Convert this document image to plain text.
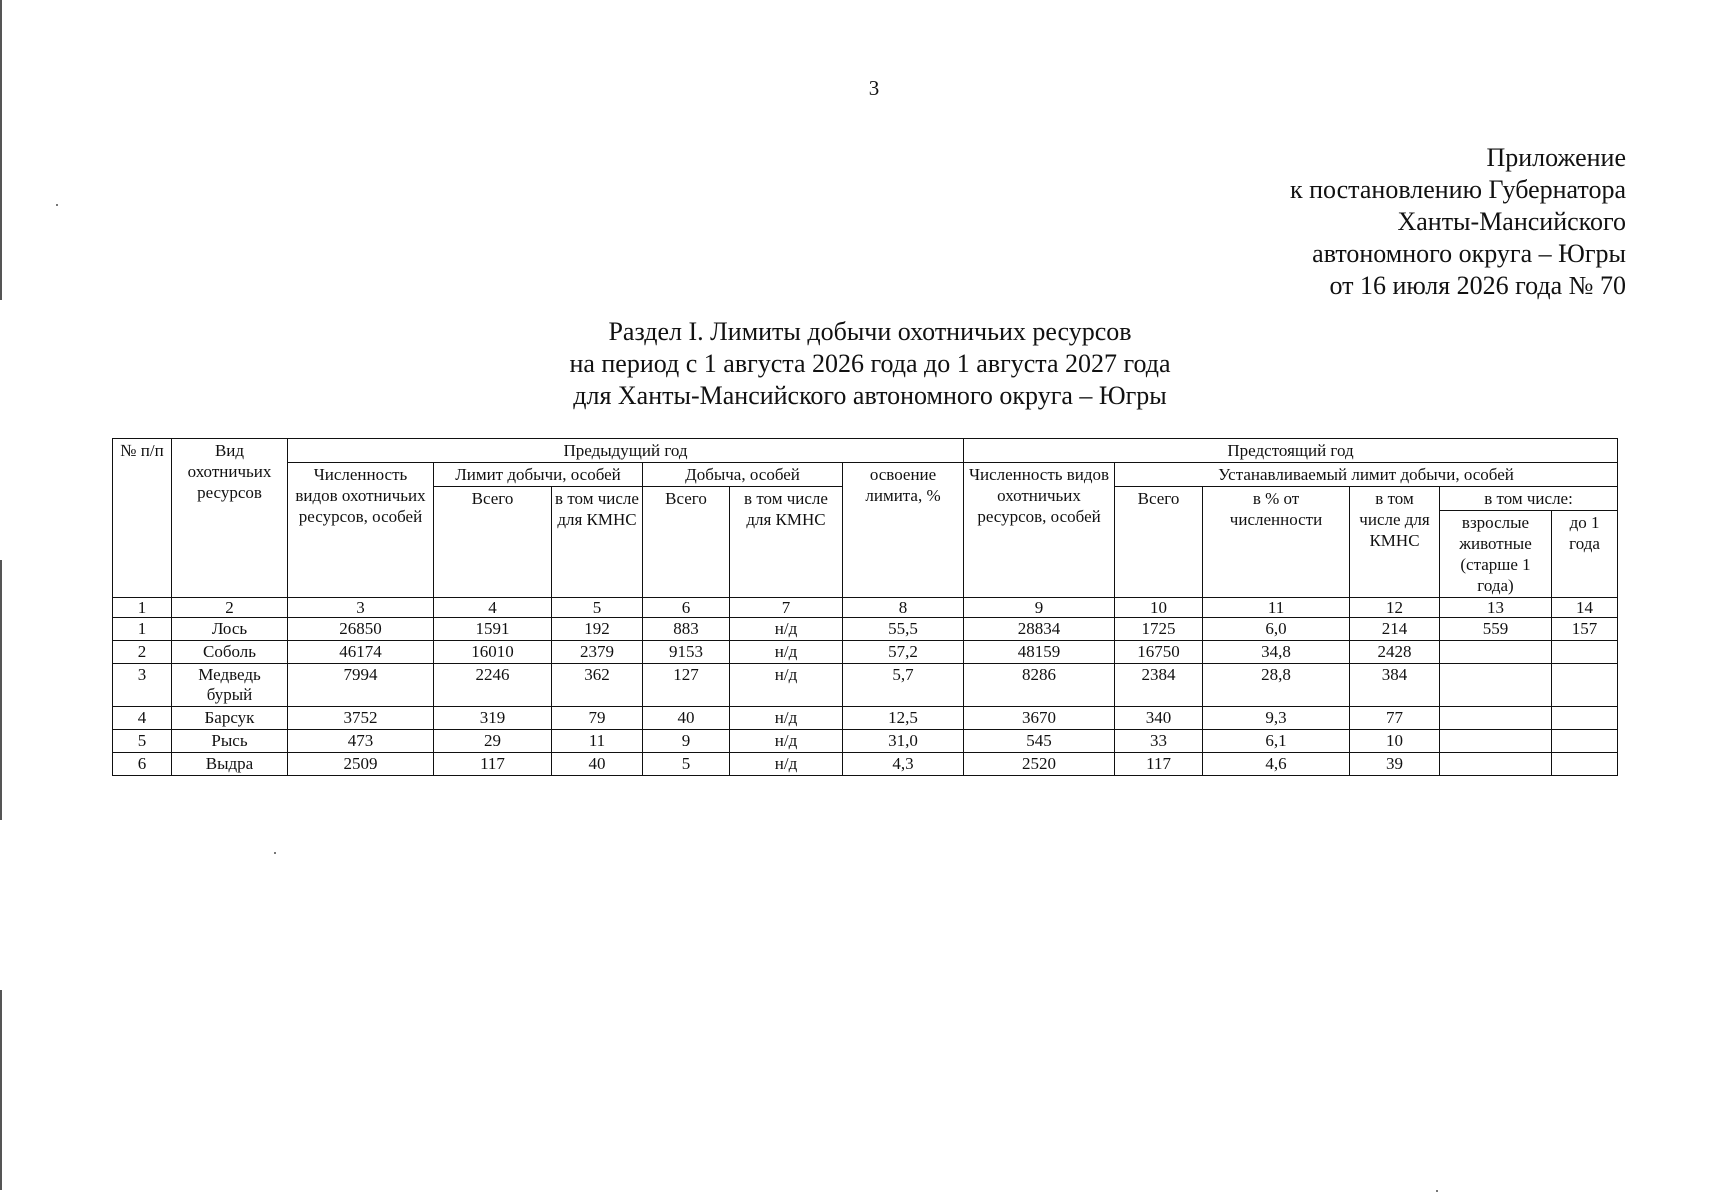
3
Приложение
к постановлению Губернатора
Ханты-Мансийского
автономного округа – Югры
от 16 июля 2026 года № 70
Раздел I. Лимиты добычи охотничьих ресурсов
на период с 1 августа 2026 года до 1 августа 2027 года
для Ханты-Мансийского автономного округа – Югры
№ п/п	Вид охотничьих ресурсов	Предыдущий год						Предстоящий год					
		Численность видов охотничьих ресурсов, особей	Лимит добычи, особей		Добыча, особей		освоение лимита, %	Численность видов охотничьих ресурсов, особей	Устанавливаемый лимит добычи, особей				
			Всего	в том числе для КМНС	Всего	в том числе для КМНС			Всего	в % от численности	в том числе для КМНС	в том числе:	
												взрослые животные (старше 1 года)	до 1 года
1	2	3	4	5	6	7	8	9	10	11	12	13	14
1	Лось	26850	1591	192	883	н/д	55,5	28834	1725	6,0	214	559	157
2	Соболь	46174	16010	2379	9153	н/д	57,2	48159	16750	34,8	2428		
3	Медведь бурый	7994	2246	362	127	н/д	5,7	8286	2384	28,8	384		
4	Барсук	3752	319	79	40	н/д	12,5	3670	340	9,3	77		
5	Рысь	473	29	11	9	н/д	31,0	545	33	6,1	10		
6	Выдра	2509	117	40	5	н/д	4,3	2520	117	4,6	39		
